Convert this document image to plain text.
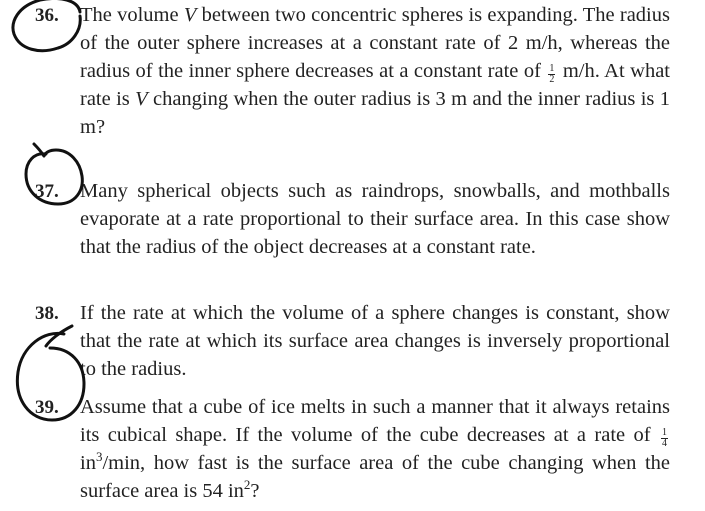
36. The volume V between two concentric spheres is expanding. The radius of the outer sphere increases at a constant rate of 2 m/h, whereas the radius of the inner sphere decreases at a constant rate of $\frac{1}{2} m/h$. At what rate is V changing when the outer radius is 3 m and the inner radius is 1 m?
37. Many spherical objects such as raindrops, snowballs, and mothballs evaporate at a rate proportional to their surface area. In this case show that the radius of the object decreases at a constant rate.
38. If the rate at which the volume of a sphere changes is constant, show that the rate at which its surface area changes is inversely proportional to the radius.
39. Assume that a cube of ice melts in such a manner that it always retains its cubical shape. If the volume of the cube decreases at a rate of $\frac{1}{4}$
$in^3/\min$, how fast is the surface area of the cube changing when the surface area is 54 $in^2$?
